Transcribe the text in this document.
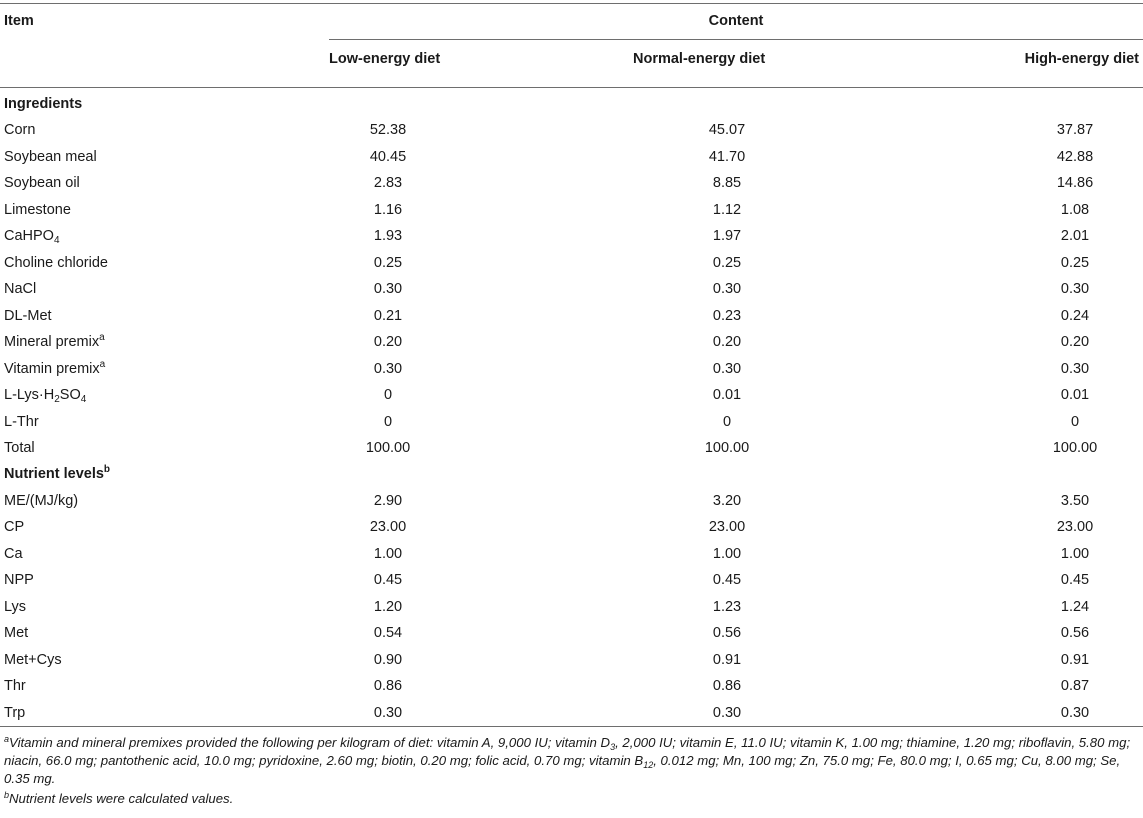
Item	Content
Low-energy diet	Normal-energy diet	High-energy diet
Ingredients
Corn	52.38	45.07	37.87
Soybean meal	40.45	41.70	42.88
Soybean oil	2.83	8.85	14.86
Limestone	1.16	1.12	1.08
CaHPO$_4$	1.93	1.97	2.01
Choline chloride	0.25	0.25	0.25
NaCl	0.30	0.30	0.30
DL-Met	0.21	0.23	0.24
Mineral premix$^a$	0.20	0.20	0.20
Vitamin premix$^a$	0.30	0.30	0.30
$L-Lys\cdot H_2SO_4$	0	0.01	0.01
L-Thr	0	0	0
Total	100.00	100.00	100.00
Nutrient levels$^b$
ME/(MJ/kg)	2.90	3.20	3.50
CP	23.00	23.00	23.00
Ca	1.00	1.00	1.00
NPP	0.45	0.45	0.45
Lys	1.20	1.23	1.24
Met	0.54	0.56	0.56
Met+Cys	0.90	0.91	0.91
Thr	0.86	0.86	0.87
Trp	0.30	0.30	0.30
$^a$Vitamin and mineral premixes provided the following per kilogram of diet: vitamin A, 9,000 IU; vitamin $D_3$, 2,000 IU; vitamin E, 11.0 IU; vitamin K, 1.00 mg; thiamine, 1.20 mg; riboflavin, 5.80 mg; niacin, 66.0 mg; pantothenic acid, 10.0 mg; pyridoxine, 2.60 mg; biotin, 0.20 mg; folic acid, 0.70 mg; vitamin $B_{12}$, 0.012 mg; Mn, 100 mg; Zn, 75.0 mg; Fe, 80.0 mg; I, 0.65 mg; Cu, 8.00 mg; Se, 0.35 mg.
$^b$Nutrient levels were calculated values.
